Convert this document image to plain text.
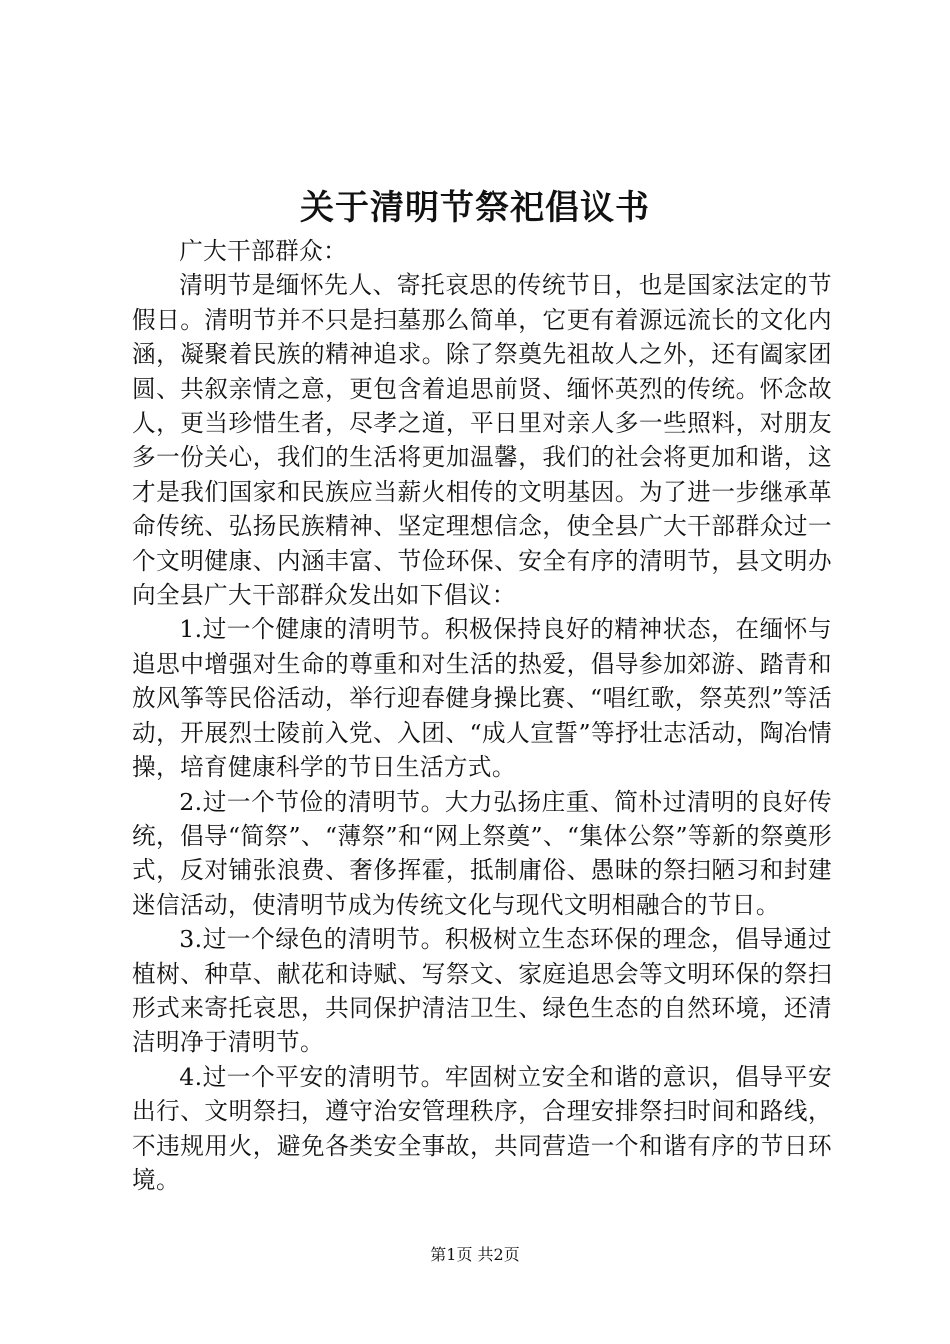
关于清明节祭祀倡议书

广大干部群众：

清明节是缅怀先人、寄托哀思的传统节日，也是国家法定的节假日。清明节并不只是扫墓那么简单，它更有着源远流长的文化内涵，凝聚着民族的精神追求。除了祭奠先祖故人之外，还有阖家团圆、共叙亲情之意，更包含着追思前贤、缅怀英烈的传统。怀念故人，更当珍惜生者，尽孝之道，平日里对亲人多一些照料，对朋友多一份关心，我们的生活将更加温馨，我们的社会将更加和谐，这才是我们国家和民族应当薪火相传的文明基因。为了进一步继承革命传统、弘扬民族精神、坚定理想信念，使全县广大干部群众过一个文明健康、内涵丰富、节俭环保、安全有序的清明节，县文明办向全县广大干部群众发出如下倡议：

1.过一个健康的清明节。积极保持良好的精神状态，在缅怀与追思中增强对生命的尊重和对生活的热爱，倡导参加郊游、踏青和放风筝等民俗活动，举行迎春健身操比赛、“唱红歌，祭英烈”等活动，开展烈士陵前入党、入团、“成人宣誓”等抒壮志活动，陶冶情操，培育健康科学的节日生活方式。

2.过一个节俭的清明节。大力弘扬庄重、简朴过清明的良好传统，倡导“简祭”、“薄祭”和“网上祭奠”、“集体公祭”等新的祭奠形式，反对铺张浪费、奢侈挥霍，抵制庸俗、愚昧的祭扫陋习和封建迷信活动，使清明节成为传统文化与现代文明相融合的节日。

3.过一个绿色的清明节。积极树立生态环保的理念，倡导通过植树、种草、献花和诗赋、写祭文、家庭追思会等文明环保的祭扫形式来寄托哀思，共同保护清洁卫生、绿色生态的自然环境，还清洁明净于清明节。

4.过一个平安的清明节。牢固树立安全和谐的意识，倡导平安出行、文明祭扫，遵守治安管理秩序，合理安排祭扫时间和路线，不违规用火，避免各类安全事故，共同营造一个和谐有序的节日环境。

第1页 共2页
